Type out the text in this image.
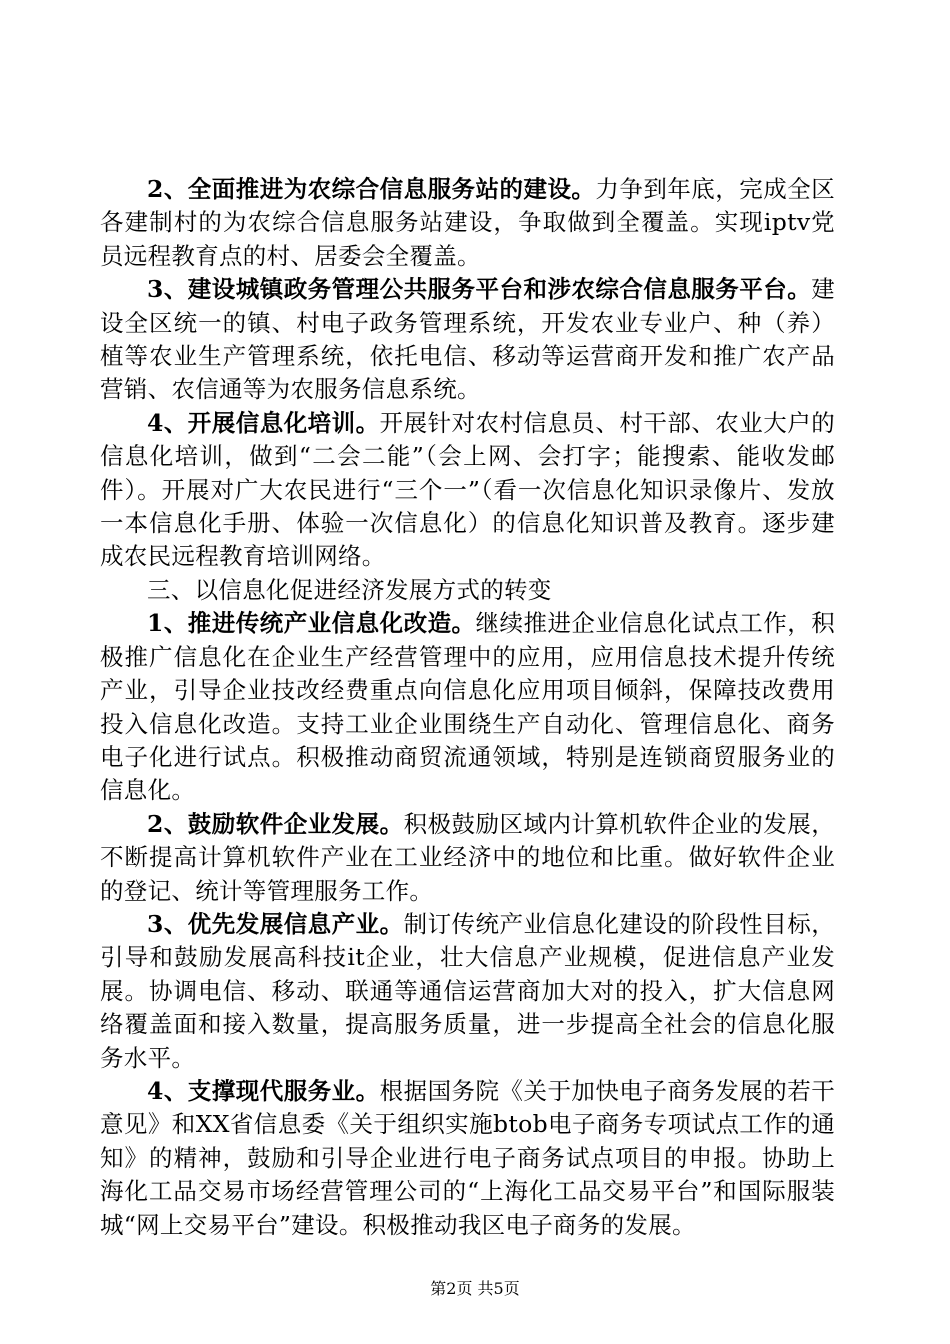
2、全面推进为农综合信息服务站的建设。力争到年底，完成全区各建制村的为农综合信息服务站建设，争取做到全覆盖。实现iptv党员远程教育点的村、居委会全覆盖。

3、建设城镇政务管理公共服务平台和涉农综合信息服务平台。建设全区统一的镇、村电子政务管理系统，开发农业专业户、种（养）植等农业生产管理系统，依托电信、移动等运营商开发和推广农产品营销、农信通等为农服务信息系统。

4、开展信息化培训。开展针对农村信息员、村干部、农业大户的信息化培训，做到“二会二能”（会上网、会打字；能搜索、能收发邮件）。开展对广大农民进行“三个一”（看一次信息化知识录像片、发放一本信息化手册、体验一次信息化）的信息化知识普及教育。逐步建成农民远程教育培训网络。

三、以信息化促进经济发展方式的转变

1、推进传统产业信息化改造。继续推进企业信息化试点工作，积极推广信息化在企业生产经营管理中的应用，应用信息技术提升传统产业，引导企业技改经费重点向信息化应用项目倾斜，保障技改费用投入信息化改造。支持工业企业围绕生产自动化、管理信息化、商务电子化进行试点。积极推动商贸流通领域，特别是连锁商贸服务业的信息化。

2、鼓励软件企业发展。积极鼓励区域内计算机软件企业的发展，不断提高计算机软件产业在工业经济中的地位和比重。做好软件企业的登记、统计等管理服务工作。

3、优先发展信息产业。制订传统产业信息化建设的阶段性目标，引导和鼓励发展高科技it企业，壮大信息产业规模，促进信息产业发展。协调电信、移动、联通等通信运营商加大对的投入，扩大信息网络覆盖面和接入数量，提高服务质量，进一步提高全社会的信息化服务水平。

4、支撑现代服务业。根据国务院《关于加快电子商务发展的若干意见》和XX省信息委《关于组织实施btob电子商务专项试点工作的通知》的精神，鼓励和引导企业进行电子商务试点项目的申报。协助上海化工品交易市场经营管理公司的“上海化工品交易平台”和国际服装城“网上交易平台”建设。积极推动我区电子商务的发展。

第2页 共5页
